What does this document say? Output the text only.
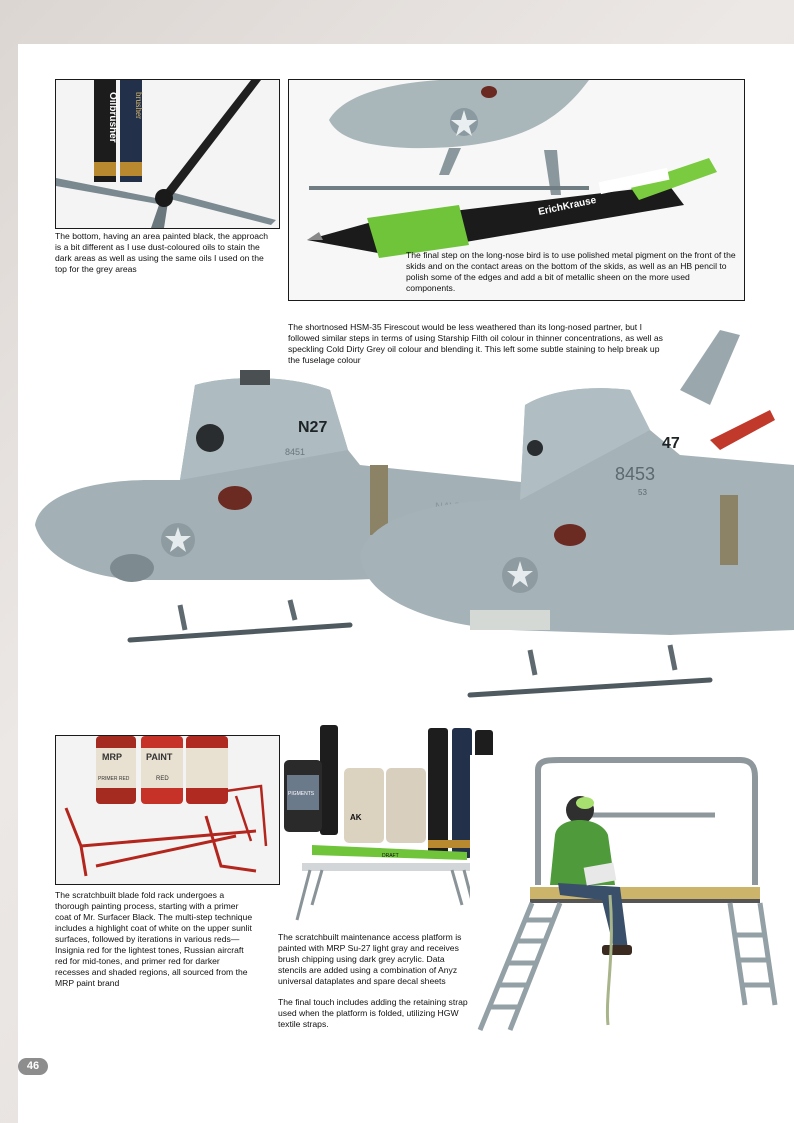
Oilbrusher brusher

The bottom, having an area painted black, the approach is a bit different as I use dust-coloured oils to stain the dark areas as well as using the same oils I used on the top for the grey areas

ErichKrause

The final step on the long-nose bird is to use polished metal pigment on the front of the skids and on the contact areas on the bottom of the skids, as well as an HB pencil to polish some of the edges and add a bit of metallic sheen on the more used components.

The shortnosed HSM-35 Firescout would be less weathered than its long-nosed partner, but I followed similar steps in terms of using Starship Filth oil colour in thinner concentrations, as well as speckling Cold Dirty Grey oil colour and blending it. This left some subtle staining to help break up the fuselage colour

N27
8451	47
8453
53
MRP	PAINT
PRIMER RED	RED

The scratchbuilt blade fold rack undergoes a thorough painting process, starting with a primer coat of Mr. Surfacer Black. The multi-step technique includes a highlight coat of white on the upper sunlit surfaces, followed by iterations in various reds—Insignia red for the lightest tones, Russian aircraft red for mid-tones, and primer red for darker recesses and shaded regions, all sourced from the MRP paint brand

PIGMENTS
AK
DRAFT

The scratchbuilt maintenance access platform is painted with MRP Su-27 light gray and receives brush chipping using dark grey acrylic. Data stencils are added using a combination of Anyz universal dataplates and spare decal sheets

The final touch includes adding the retaining strap used when the platform is folded, utilizing HGW textile straps.

46
